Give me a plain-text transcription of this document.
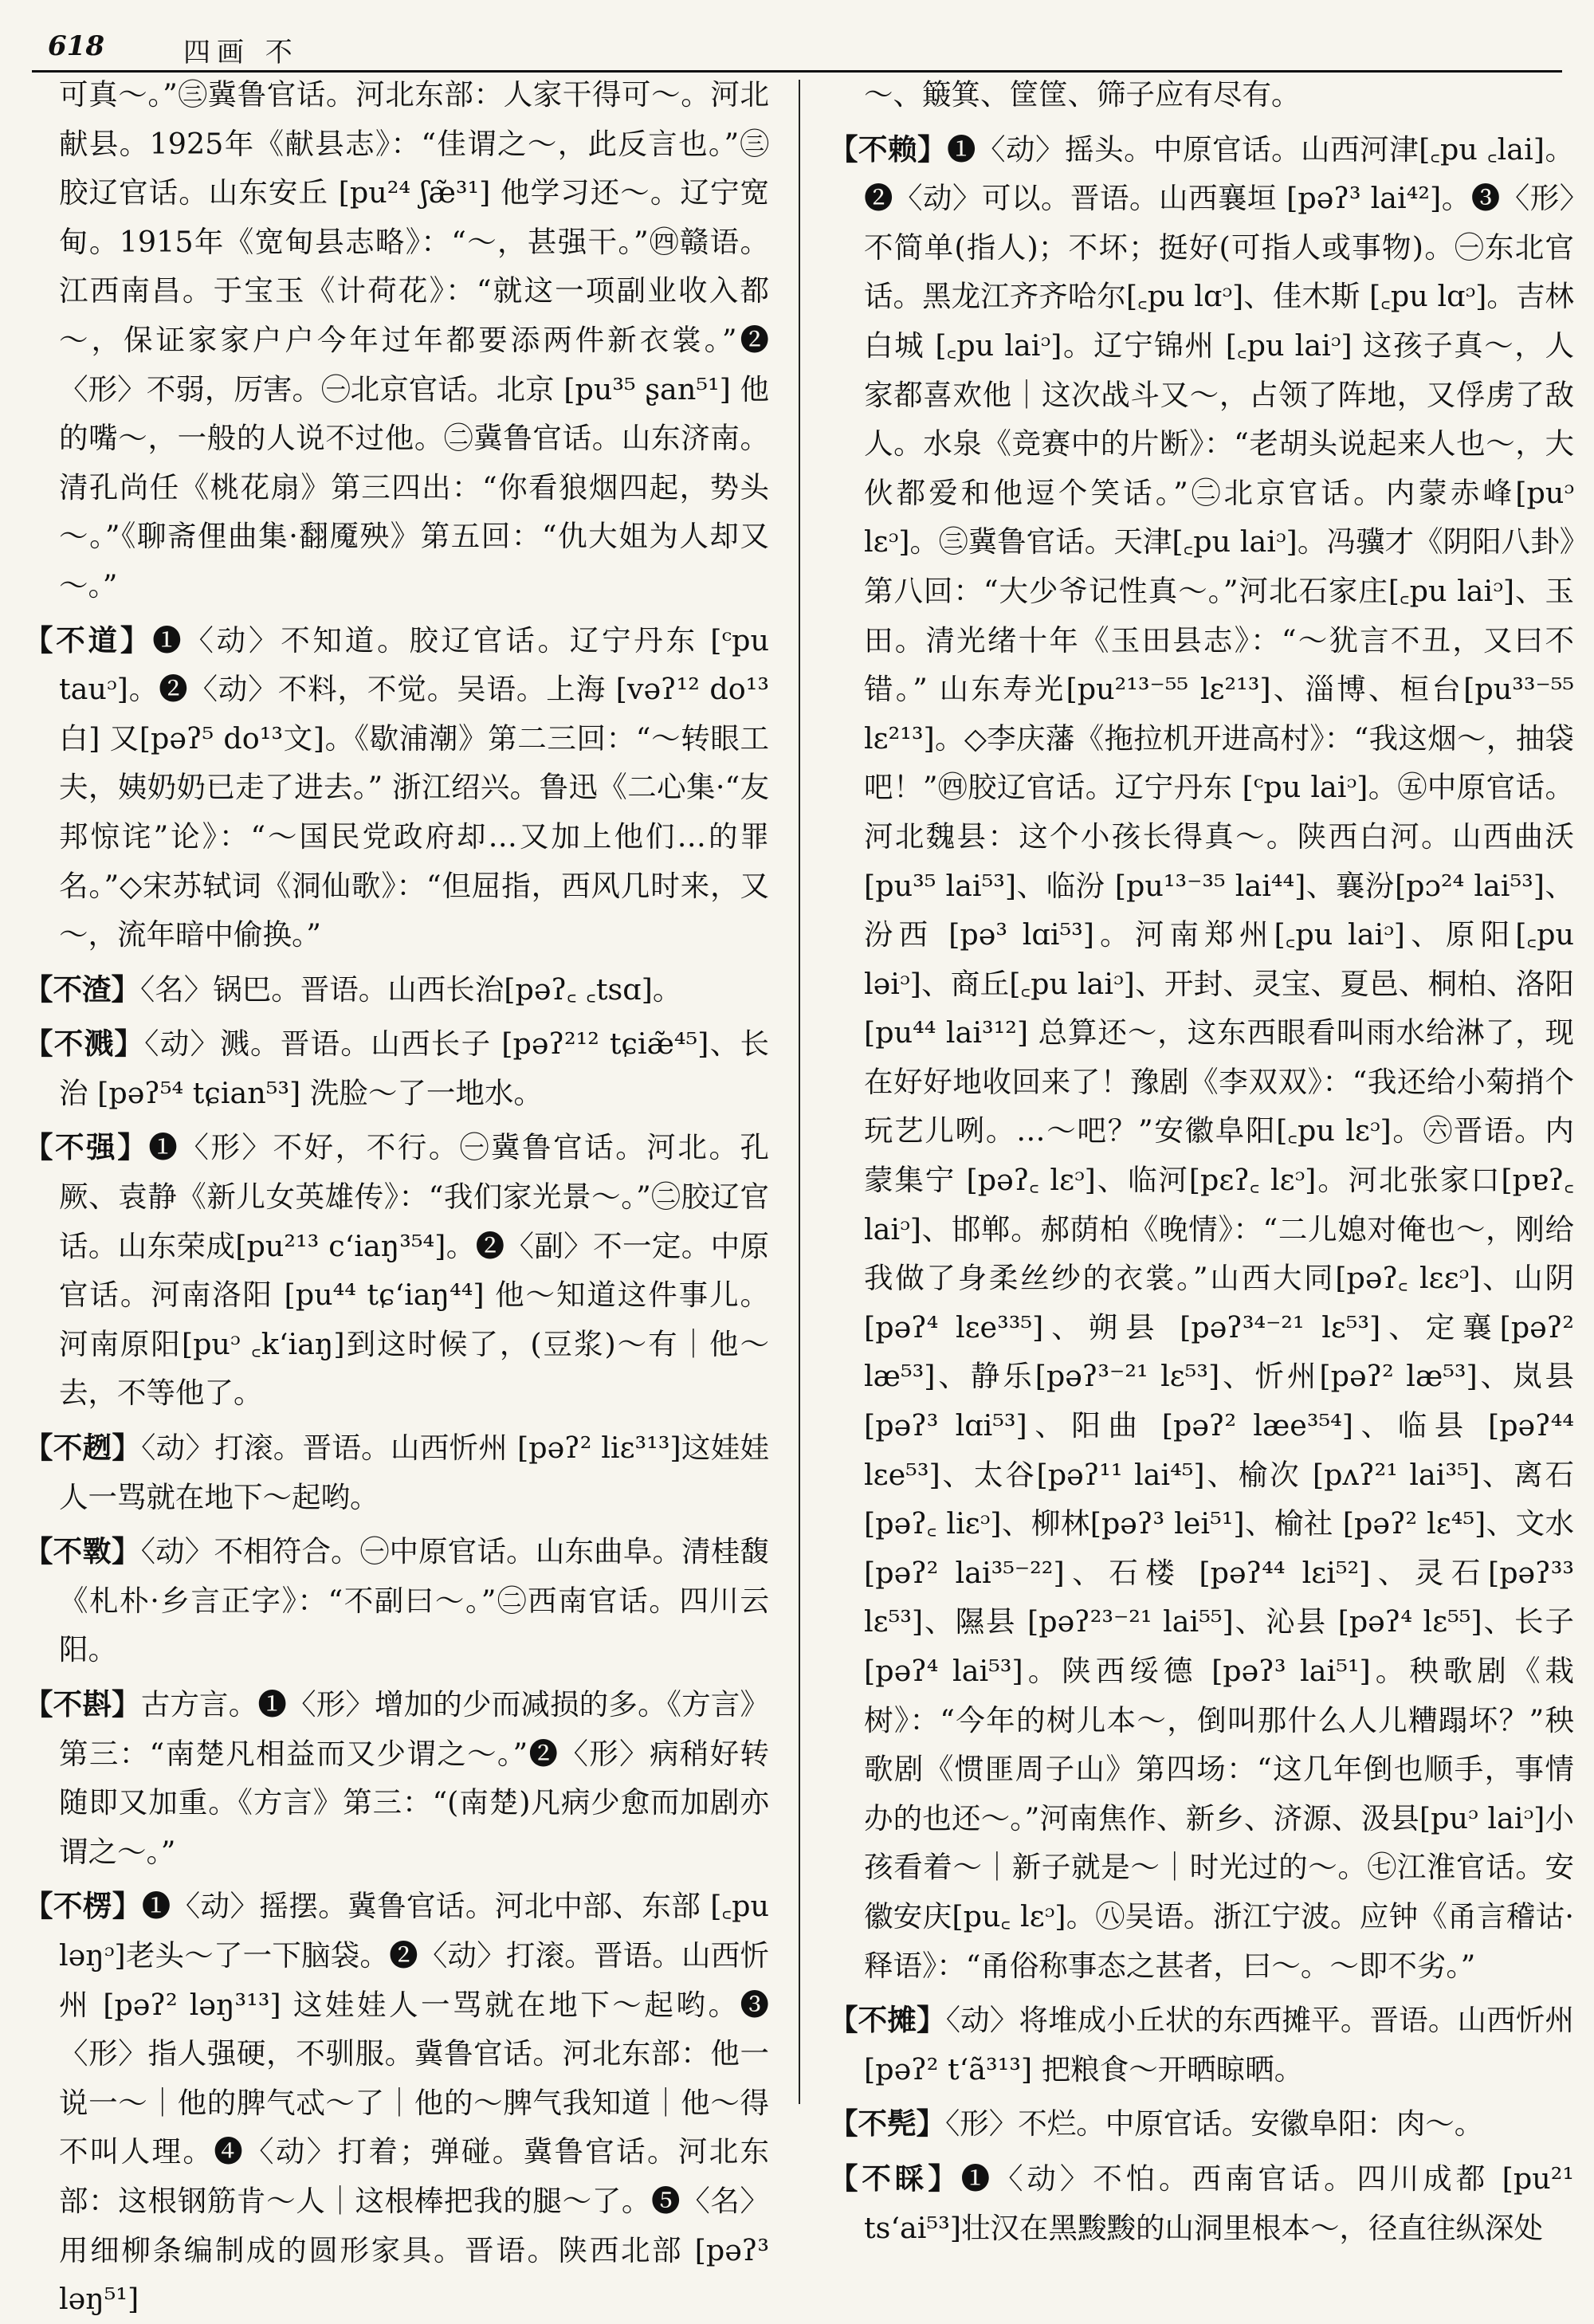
618	四画 不

可真～。”㊂冀鲁官话。河北东部：人家干得可～。河北献县。1925年《献县志》：“佳谓之～，此反言也。”㊂胶辽官话。山东安丘 [pu²⁴ ʃæ̃³¹] 他学习还～。辽宁宽甸。1915年《宽甸县志略》：“～，甚强干。”㊃赣语。江西南昌。于宝玉《计荷花》：“就这一项副业收入都～，保证家家户户今年过年都要添两件新衣裳。”❷〈形〉不弱，厉害。㊀北京官话。北京 [pu³⁵ ʂan⁵¹] 他的嘴～，一般的人说不过他。㊁冀鲁官话。山东济南。清孔尚任《桃花扇》第三四出：“你看狼烟四起，势头～。”《聊斋俚曲集·翻魇殃》第五回：“仇大姐为人却又～。”

【不道】❶〈动〉不知道。胶辽官话。辽宁丹东 [ᶜpu tauᵓ]。❷〈动〉不料，不觉。吴语。上海 [vəʔ¹² do¹³白] 又[pəʔ⁵ do¹³文]。《歇浦潮》第二三回：“～转眼工夫，姨奶奶已走了进去。” 浙江绍兴。鲁迅《二心集·“友邦惊诧”论》：“～国民党政府却…又加上他们…的罪名。”◇宋苏轼词《洞仙歌》：“但屈指，西风几时来，又～，流年暗中偷换。”

【不渣】〈名〉锅巴。晋语。山西长治[pəʔ꜀ ꜀tsɑ]。

【不溅】〈动〉溅。晋语。山西长子 [pəʔ²¹² tɕiæ̃⁴⁵]、长治 [pəʔ⁵⁴ tɕian⁵³] 洗脸～了一地水。

【不强】❶〈形〉不好，不行。㊀冀鲁官话。河北。孔厥、袁静《新儿女英雄传》：“我们家光景～。”㊁胶辽官话。山东荣成[pu²¹³ cʻiaŋ³⁵⁴]。❷〈副〉不一定。中原官话。河南洛阳 [pu⁴⁴ tɕʻiaŋ⁴⁴] 他～知道这件事儿。河南原阳[puᵓ ꜀kʻiaŋ]到这时候了，(豆浆)～有｜他～去，不等他了。

【不趔】〈动〉打滚。晋语。山西忻州 [pəʔ² liɛ³¹³]这娃娃人一骂就在地下～起哟。

【不斁】〈动〉不相符合。㊀中原官话。山东曲阜。清桂馥《札朴·乡言正字》：“不副曰～。”㊁西南官话。四川云阳。

【不斟】古方言。❶〈形〉增加的少而减损的多。《方言》第三：“南楚凡相益而又少谓之～。”❷〈形〉病稍好转随即又加重。《方言》第三：“(南楚)凡病少愈而加剧亦谓之～。”

【不楞】❶〈动〉摇摆。冀鲁官话。河北中部、东部 [꜀pu ləŋᵓ]老头～了一下脑袋。❷〈动〉打滚。晋语。山西忻州 [pəʔ² ləŋ³¹³] 这娃娃人一骂就在地下～起哟。❸〈形〉指人强硬，不驯服。冀鲁官话。河北东部：他一说一～｜他的脾气忒～了｜他的～脾气我知道｜他～得不叫人理。❹〈动〉打着；弹碰。冀鲁官话。河北东部：这根钢筋肯～人｜这根棒把我的腿～了。❺〈名〉用细柳条编制成的圆形家具。晋语。陕西北部 [pəʔ³ ləŋ⁵¹]

～、簸箕、筐筐、筛子应有尽有。

【不赖】❶〈动〉摇头。中原官话。山西河津[꜀pu ꜀lai]。❷〈动〉可以。晋语。山西襄垣 [pəʔ³ lai⁴²]。❸〈形〉不简单(指人)；不坏；挺好(可指人或事物)。㊀东北官话。黑龙江齐齐哈尔[꜀pu lɑᵓ]、佳木斯 [꜀pu lɑᵓ]。吉林白城 [꜀pu laiᵓ]。辽宁锦州 [꜀pu laiᵓ] 这孩子真～，人家都喜欢他｜这次战斗又～，占领了阵地，又俘虏了敌人。水泉《竞赛中的片断》：“老胡头说起来人也～，大伙都爱和他逗个笑话。”㊁北京官话。内蒙赤峰[puᵓ lɛᵓ]。㊂冀鲁官话。天津[꜀pu laiᵓ]。冯骥才《阴阳八卦》第八回：“大少爷记性真～。”河北石家庄[꜀pu laiᵓ]、玉田。清光绪十年《玉田县志》：“～犹言不丑，又曰不错。” 山东寿光[pu²¹³⁻⁵⁵ lɛ²¹³]、淄博、桓台[pu³³⁻⁵⁵ lɛ²¹³]。◇李庆藩《拖拉机开进高村》：“我这烟～，抽袋吧！”㊃胶辽官话。辽宁丹东 [ᶜpu laiᵓ]。㊄中原官话。河北魏县：这个小孩长得真～。陕西白河。山西曲沃 [pu³⁵ lai⁵³]、临汾 [pu¹³⁻³⁵ lai⁴⁴]、襄汾[pɔ²⁴ lai⁵³]、汾西 [pə³ lɑi⁵³]。河南郑州[꜀pu laiᵓ]、原阳[꜀pu ləiᵓ]、商丘[꜀pu laiᵓ]、开封、灵宝、夏邑、桐柏、洛阳 [pu⁴⁴ lai³¹²] 总算还～，这东西眼看叫雨水给淋了，现在好好地收回来了！豫剧《李双双》：“我还给小菊捎个玩艺儿咧。…～吧？”安徽阜阳[꜀pu lɛᵓ]。㊅晋语。内蒙集宁 [pəʔ꜀ lɛᵓ]、临河[pɛʔ꜀ lɛᵓ]。河北张家口[pɐʔ꜀ laiᵓ]、邯郸。郝荫柏《晚情》：“二儿媳对俺也～，刚给我做了身柔丝纱的衣裳。”山西大同[pəʔ꜀ lɛɛᵓ]、山阴[pəʔ⁴ lɛe³³⁵]、朔县 [pəʔ³⁴⁻²¹ lɛ⁵³]、定襄[pəʔ² læ⁵³]、静乐[pəʔ³⁻²¹ lɛ⁵³]、忻州[pəʔ² læ⁵³]、岚县 [pəʔ³ lɑi⁵³]、阳曲 [pəʔ² læe³⁵⁴]、临县 [pəʔ⁴⁴ lɛe⁵³]、太谷[pəʔ¹¹ lai⁴⁵]、榆次 [pʌʔ²¹ lai³⁵]、离石[pəʔ꜀ liɛᵓ]、柳林[pəʔ³ lei⁵¹]、榆社 [pəʔ² lɛ⁴⁵]、文水 [pəʔ² lai³⁵⁻²²]、石楼 [pəʔ⁴⁴ lɛi⁵²]、灵石[pəʔ³³ lɛ⁵³]、隰县 [pəʔ²³⁻²¹ lai⁵⁵]、沁县 [pəʔ⁴ lɛ⁵⁵]、长子[pəʔ⁴ lai⁵³]。陕西绥德 [pəʔ³ lai⁵¹]。秧歌剧《栽树》：“今年的树儿本～，倒叫那什么人儿糟蹋坏？”秧歌剧《惯匪周子山》第四场：“这几年倒也顺手，事情办的也还～。”河南焦作、新乡、济源、汲县[puᵓ laiᵓ]小孩看着～｜新子就是～｜时光过的～。㊆江淮官话。安徽安庆[pu꜀ lɛᵓ]。㊇吴语。浙江宁波。应钟《甬言稽诂·释语》：“甬俗称事态之甚者，曰～。～即不劣。”

【不摊】〈动〉将堆成小丘状的东西摊平。晋语。山西忻州 [pəʔ² tʻã³¹³] 把粮食～开晒晾晒。

【不髡】〈形〉不烂。中原官话。安徽阜阳：肉～。

【不睬】❶〈动〉不怕。西南官话。四川成都 [pu²¹ tsʻai⁵³]壮汉在黑黢黢的山洞里根本～，径直往纵深处
